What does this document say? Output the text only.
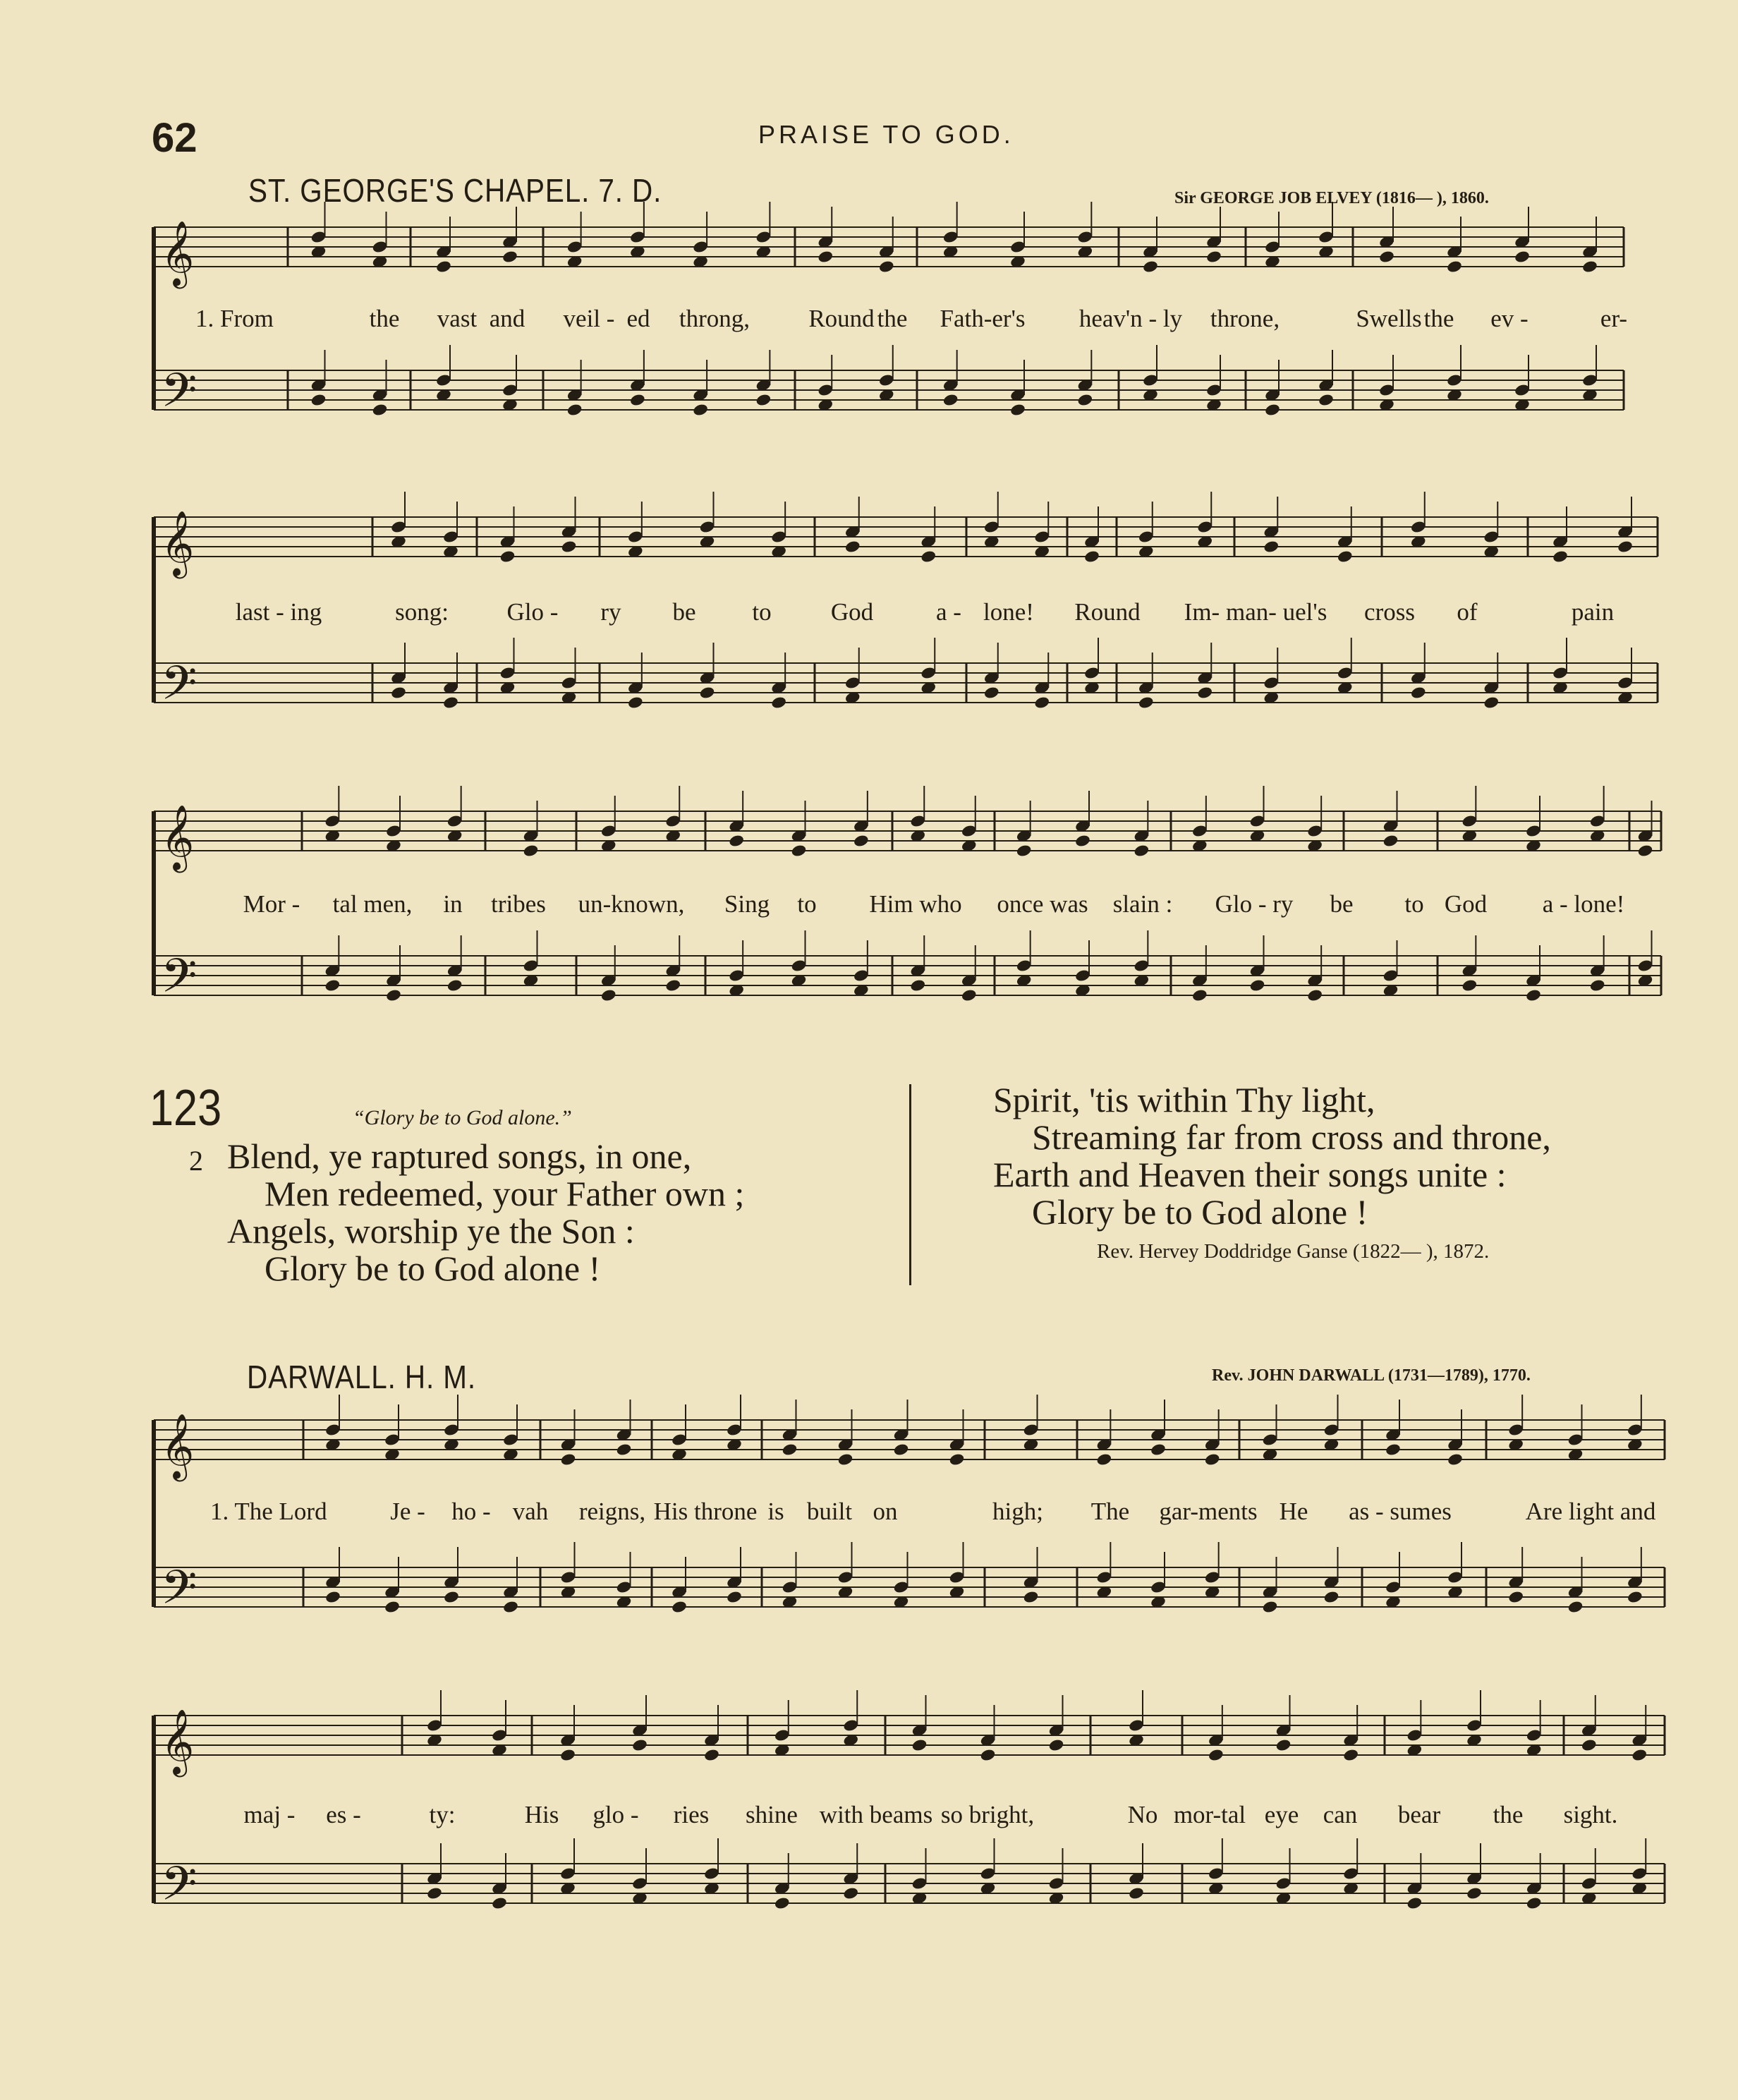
62	PRAISE TO GOD.
ST. GEORGE'S CHAPEL. 7. D.	Sir GEORGE JOB ELVEY (1816— ), 1860.
𝄞
𝄢
𝄞
𝄢
𝄞
𝄢
𝄞
𝄢
𝄞
𝄢
1. From	the vast and veil - ed throng, Round the Fath-er's heav'n - ly throne,	Swells the ev -	er-
last - ing	song: Glo - ry be to God	a - lone! Round Im- man- uel's cross of	pain
Mor - tal men, in tribes un-known, Sing to Him who once was slain : Glo - ry be to God a - lone!
123	“Glory be to God alone.”
2 Blend, ye raptured songs, in one,
Men redeemed, your Father own ;
Angels, worship ye the Son :
Glory be to God alone !
Spirit, 'tis within Thy light,
Streaming far from cross and throne,
Earth and Heaven their songs unite :
Glory be to God alone !
Rev. Hervey Doddridge Ganse (1822— ), 1872.
DARWALL. H. M.	Rev. JOHN DARWALL (1731—1789), 1770.
1. The Lord	Je - ho - vah reigns, His throne is built on	high; The gar-ments He as - sumes	Are light and
maj - es -	ty:	His glo - ries shine with beams so bright,	No mor-tal eye can bear the sight.
